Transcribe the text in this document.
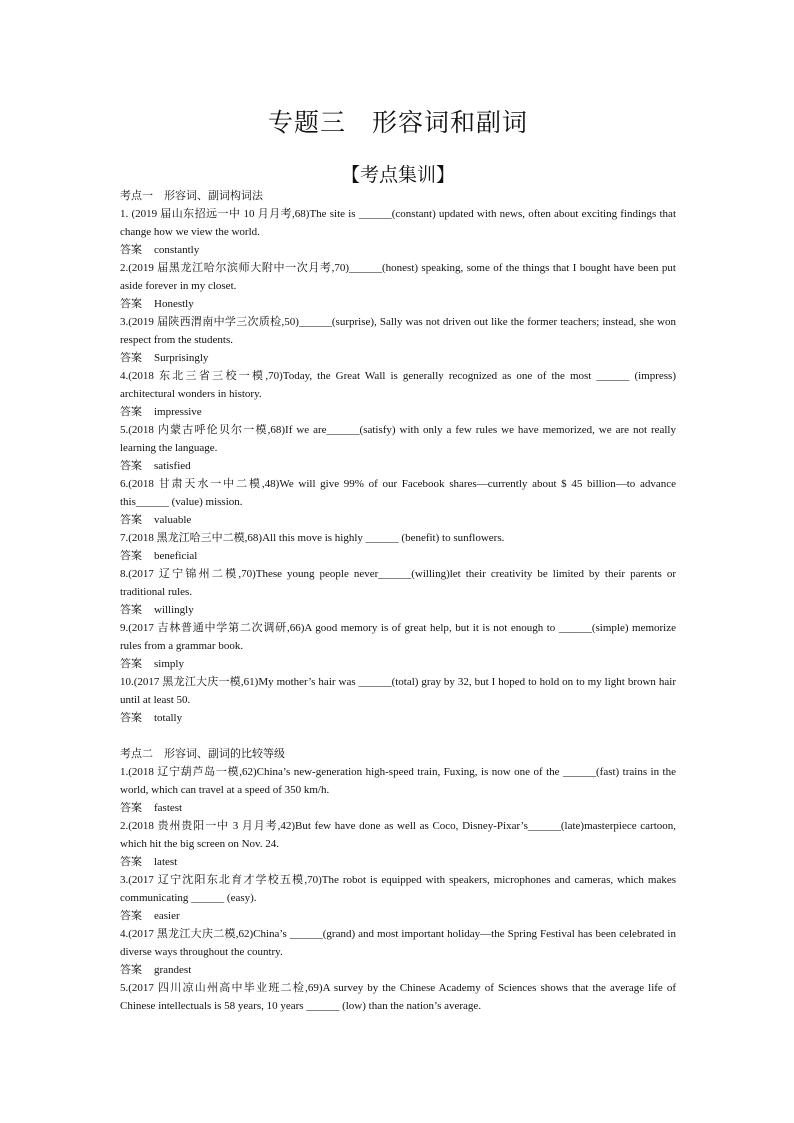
专题三　形容词和副词
【考点集训】

考点一　形容词、副词构词法

1. (2019 届山东招远一中 10 月月考,68)The site is ______(constant) updated with news, often about exciting findings that change how we view the world.

答案 constantly

2.(2019 届黑龙江哈尔滨师大附中一次月考,70)______(honest) speaking, some of the things that I bought have been put aside forever in my closet.

答案 Honestly

3.(2019 届陕西渭南中学三次质检,50)______(surprise), Sally was not driven out like the former teachers; instead, she won respect from the students.

答案 Surprisingly

4.(2018 东北三省三校一模,70)Today, the Great Wall is generally recognized as one of the most ______ (impress) architectural wonders in history.

答案 impressive

5.(2018 内蒙古呼伦贝尔一模,68)If we are______(satisfy) with only a few rules we have memorized, we are not really learning the language.

答案 satisfied

6.(2018 甘肃天水一中二模,48)We will give 99% of our Facebook shares—currently about $ 45 billion—to advance this______ (value) mission.

答案 valuable

7.(2018 黑龙江哈三中二模,68)All this move is highly ______ (benefit) to sunflowers.

答案 beneficial

8.(2017 辽宁锦州二模,70)These young people never______(willing)let their creativity be limited by their parents or traditional rules.

答案 willingly

9.(2017 吉林普通中学第二次调研,66)A good memory is of great help, but it is not enough to ______(simple) memorize rules from a grammar book.

答案 simply

10.(2017 黑龙江大庆一模,61)My mother’s hair was ______(total) gray by 32, but I hoped to hold on to my light brown hair until at least 50.

答案 totally

考点二　形容词、副词的比较等级

1.(2018 辽宁葫芦岛一模,62)China’s new-generation high-speed train, Fuxing, is now one of the ______(fast) trains in the world, which can travel at a speed of 350 km/h.

答案 fastest

2.(2018 贵州贵阳一中 3 月月考,42)But few have done as well as Coco, Disney-Pixar’s______(late)masterpiece cartoon, which hit the big screen on Nov. 24.

答案 latest

3.(2017 辽宁沈阳东北育才学校五模,70)The robot is equipped with speakers, microphones and cameras, which makes communicating ______ (easy).

答案 easier

4.(2017 黑龙江大庆二模,62)China’s ______(grand) and most important holiday—the Spring Festival has been celebrated in diverse ways throughout the country.

答案 grandest

5.(2017 四川凉山州高中毕业班二检,69)A survey by the Chinese Academy of Sciences shows that the average life of Chinese intellectuals is 58 years, 10 years ______ (low) than the nation’s average.
